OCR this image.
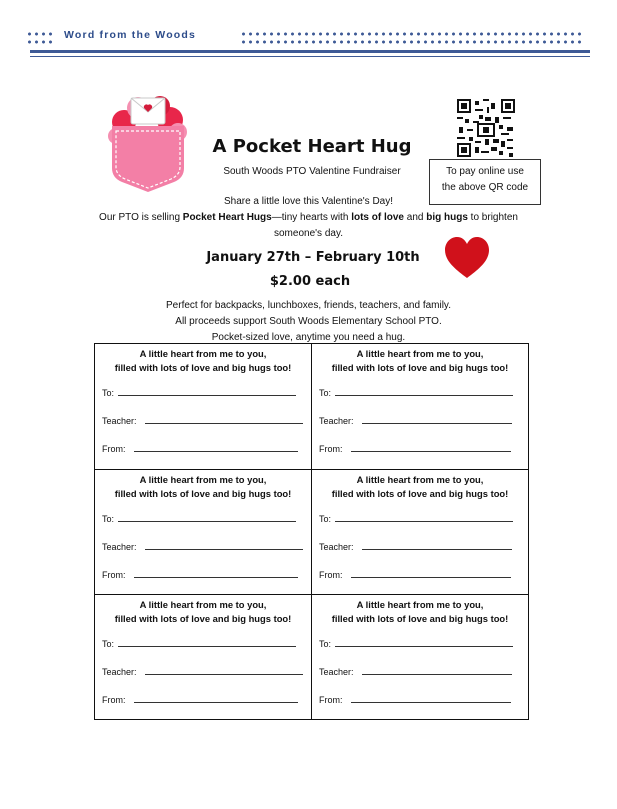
Word from the Woods
To pay online use
the above QR code
A Pocket Heart Hug
South Woods PTO Valentine Fundraiser
Share a little love this Valentine's Day!
Our PTO is selling Pocket Heart Hugs—tiny hearts with lots of love and big hugs to brighten someone's day.
January 27th – February 10th
$2.00 each
Perfect for backpacks, lunchboxes, friends, teachers, and family.
All proceeds support South Woods Elementary School PTO.
Pocket-sized love, anytime you need a hug.
A little heart from me to you,
filled with lots of love and big hugs too!
To:
Teacher:
From:
A little heart from me to you,
filled with lots of love and big hugs too!
To:
Teacher:
From:
A little heart from me to you,
filled with lots of love and big hugs too!
To:
Teacher:
From:
A little heart from me to you,
filled with lots of love and big hugs too!
To:
Teacher:
From:
A little heart from me to you,
filled with lots of love and big hugs too!
To:
Teacher:
From:
A little heart from me to you,
filled with lots of love and big hugs too!
To:
Teacher:
From:
